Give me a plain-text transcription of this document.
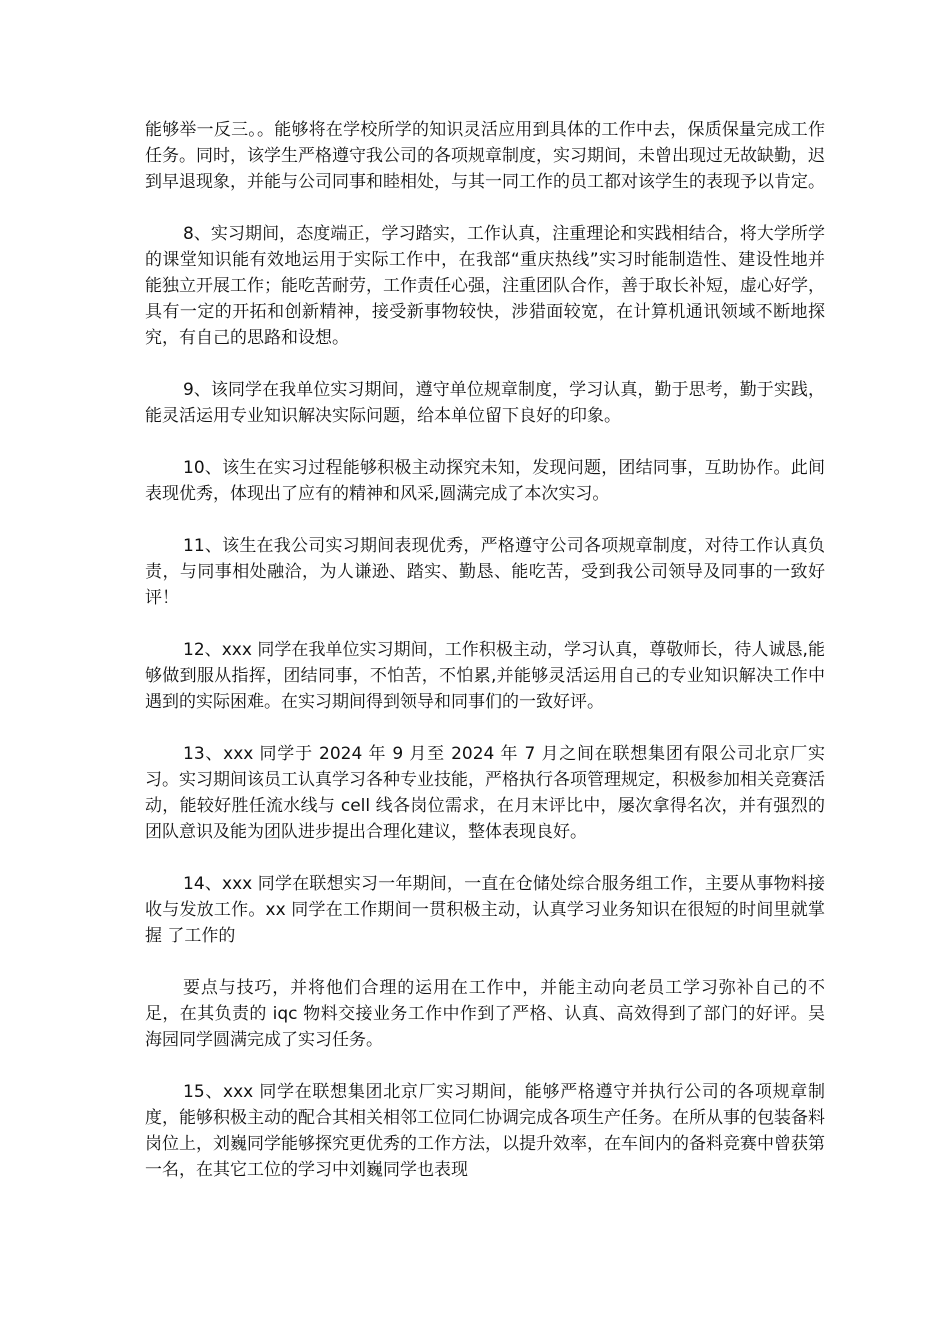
能够举一反三。。能够将在学校所学的知识灵活应用到具体的工作中去，保质保量完成工作任务。同时，该学生严格遵守我公司的各项规章制度，实习期间，未曾出现过无故缺勤，迟到早退现象，并能与公司同事和睦相处，与其一同工作的员工都对该学生的表现予以肯定。

8、实习期间，态度端正，学习踏实，工作认真，注重理论和实践相结合，将大学所学的课堂知识能有效地运用于实际工作中，在我部“重庆热线”实习时能制造性、建设性地并能独立开展工作；能吃苦耐劳，工作责任心强，注重团队合作，善于取长补短，虚心好学，具有一定的开拓和创新精神，接受新事物较快，涉猎面较宽，在计算机通讯领域不断地探究，有自己的思路和设想。

9、该同学在我单位实习期间，遵守单位规章制度，学习认真，勤于思考，勤于实践，能灵活运用专业知识解决实际问题，给本单位留下良好的印象。

10、该生在实习过程能够积极主动探究未知，发现问题，团结同事，互助协作。此间表现优秀，体现出了应有的精神和风采,圆满完成了本次实习。

11、该生在我公司实习期间表现优秀，严格遵守公司各项规章制度，对待工作认真负责，与同事相处融洽，为人谦逊、踏实、勤恳、能吃苦，受到我公司领导及同事的一致好评！

12、xxx 同学在我单位实习期间，工作积极主动，学习认真，尊敬师长，待人诚恳,能够做到服从指挥，团结同事，不怕苦，不怕累,并能够灵活运用自己的专业知识解决工作中遇到的实际困难。在实习期间得到领导和同事们的一致好评。

13、xxx 同学于 2024 年 9 月至 2024 年 7 月之间在联想集团有限公司北京厂实习。实习期间该员工认真学习各种专业技能，严格执行各项管理规定，积极参加相关竞赛活动，能较好胜任流水线与 cell 线各岗位需求，在月末评比中，屡次拿得名次，并有强烈的团队意识及能为团队进步提出合理化建议，整体表现良好。

14、xxx 同学在联想实习一年期间，一直在仓储处综合服务组工作，主要从事物料接收与发放工作。xx 同学在工作期间一贯积极主动，认真学习业务知识在很短的时间里就掌握 了工作的

要点与技巧，并将他们合理的运用在工作中，并能主动向老员工学习弥补自己的不足，在其负责的 iqc 物料交接业务工作中作到了严格、认真、高效得到了部门的好评。吴海园同学圆满完成了实习任务。

15、xxx 同学在联想集团北京厂实习期间，能够严格遵守并执行公司的各项规章制度，能够积极主动的配合其相关相邻工位同仁协调完成各项生产任务。在所从事的包装备料岗位上，刘巍同学能够探究更优秀的工作方法，以提升效率，在车间内的备料竞赛中曾获第一名，在其它工位的学习中刘巍同学也表现
